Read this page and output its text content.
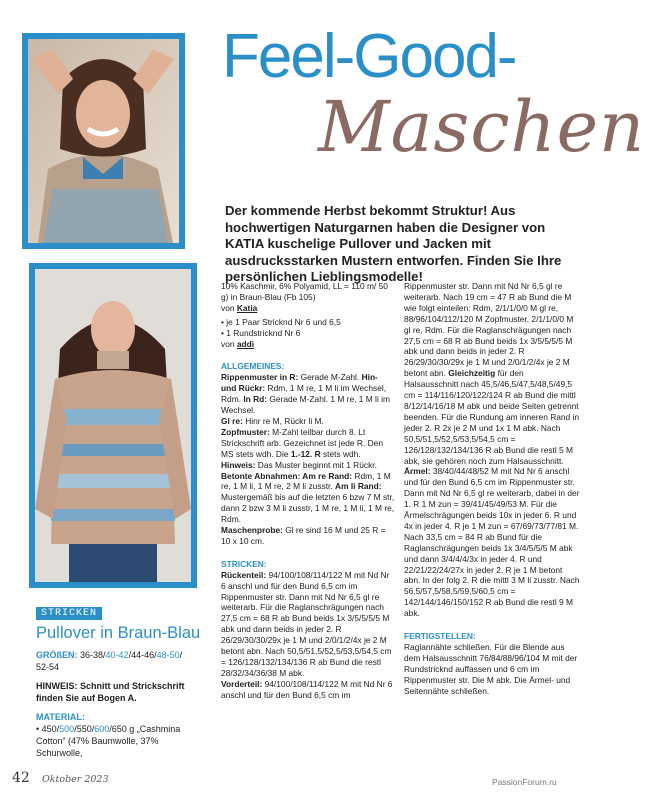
Feel-Good-
Maschen
Der kommende Herbst bekommt Struktur! Aus hochwertigen Naturgarnen haben die Designer von KATIA kuschelige Pullover und Jacken mit ausdrucksstarken Mustern entworfen. Finden Sie Ihre persönlichen Lieblingsmodelle!
STRICKEN
Pullover in Braun-Blau

GRÖßEN: 36-38/40-42/44-46/48-50/
52-54

HINWEIS: Schnitt und Strickschrift finden Sie auf Bogen A.

MATERIAL:

• 450/500/550/600/650 g „Cashmina Cotton“ (47% Baumwolle, 37% Schurwolle,

10% Kaschmir, 6% Polyamid, LL = 110 m/ 50 g) in Braun-Blau (Fb 105)

von Katia

• je 1 Paar Stricknd Nr 6 und 6,5

• 1 Rundstricknd Nr 6

von addi

ALLGEMEINES:

Rippenmuster in R: Gerade M-Zahl. Hin- und Rückr: Rdm, 1 M re, 1 M li im Wechsel, Rdm. In Rd: Gerade M-Zahl. 1 M re, 1 M li im Wechsel.

Gl re: Hinr re M, Rückr li M.

Zopfmuster: M-Zahl teilbar durch 8. Lt Strickschrift arb. Gezeichnet ist jede R. Den MS stets wdh. Die 1.-12. R stets wdh. Hinweis: Das Muster beginnt mit 1 Rückr.

Betonte Abnahmen: Am re Rand: Rdm, 1 M re, 1 M li, 1 M re, 2 M li zusstr. Am li Rand: Mustergemäß bis auf die letzten 6 bzw 7 M str, dann 2 bzw 3 M li zusstr, 1 M re, 1 M li, 1 M re, Rdm.

Maschenprobe: Gl re sind 16 M und 25 R = 10 x 10 cm.

STRICKEN:

Rückenteil: 94/100/108/114/122 M mit Nd Nr 6 anschl und für den Bund 6,5 cm im Rippenmuster str. Dann mit Nd Nr 6,5 gl re weiterarb. Für die Raglanschrägungen nach 27,5 cm = 68 R ab Bund beids 1x 3/5/5/5/5 M abk und dann beids in jeder 2. R 26/29/30/30/29x je 1 M und 2/0/1/2/4x je 2 M betont abn. Nach 50,5/51,5/52,5/53,5/54,5 cm = 126/128/132/134/136 R ab Bund die restl 28/32/34/36/38 M abk.

Vorderteil: 94/100/108/114/122 M mit Nd Nr 6 anschl und für den Bund 6,5 cm im

Rippenmuster str. Dann mit Nd Nr 6,5 gl re weiterarb. Nach 19 cm = 47 R ab Bund die M wie folgt einteilen: Rdm, 2/1/1/0/0 M gl re, 88/96/104/112/120 M Zopfmuster, 2/1/1/0/0 M gl re, Rdm. Für die Raglanschrägungen nach 27,5 cm = 68 R ab Bund beids 1x 3/5/5/5/5 M abk und dann beids in jeder 2. R 26/29/30/30/29x je 1 M und 2/0/1/2/4x je 2 M betont abn. Gleichzeitig für den Halsausschnitt nach 45,5/46,5/47,5/48,5/49,5 cm = 114/116/120/122/124 R ab Bund die mittl 8/12/14/16/18 M abk und beide Seiten getrennt beenden. Für die Rundung am inneren Rand in jeder 2. R 2x je 2 M und 1x 1 M abk. Nach 50,5/51,5/52,5/53,5/54,5 cm = 126/128/132/134/136 R ab Bund die restl 5 M abk, sie gehören noch zum Halsausschnitt.

Ärmel: 38/40/44/48/52 M mit Nd Nr 6 anschl und für den Bund 6,5 cm im Rippenmuster str. Dann mit Nd Nr 6,5 gl re weiterarb, dabei in der 1. R 1 M zun = 39/41/45/49/53 M. Für die Ärmelschrägungen beids 10x in jeder 6. R und 4x in jeder 4. R je 1 M zun = 67/69/73/77/81 M. Nach 33,5 cm = 84 R ab Bund für die Raglanschrägungen beids 1x 3/4/5/5/5 M abk und dann 3/4/4/4/3x in jeder 4. R und 22/21/22/24/27x in jeder 2. R je 1 M betont abn. In der folg 2. R die mittl 3 M li zusstr. Nach 56,5/57,5/58,5/59,5/60,5 cm = 142/144/146/150/152 R ab Bund die restl 9 M abk.

FERTIGSTELLEN:

Raglannähte schließen. Für die Blende aus dem Halsausschnitt 76/84/88/96/104 M mit der Rundstricknd auffassen und 6 cm im Rippenmuster str. Die M abk. Die Ärmel- und Seitennähte schließen.

42 Oktober 2023	PassionForum.ru
